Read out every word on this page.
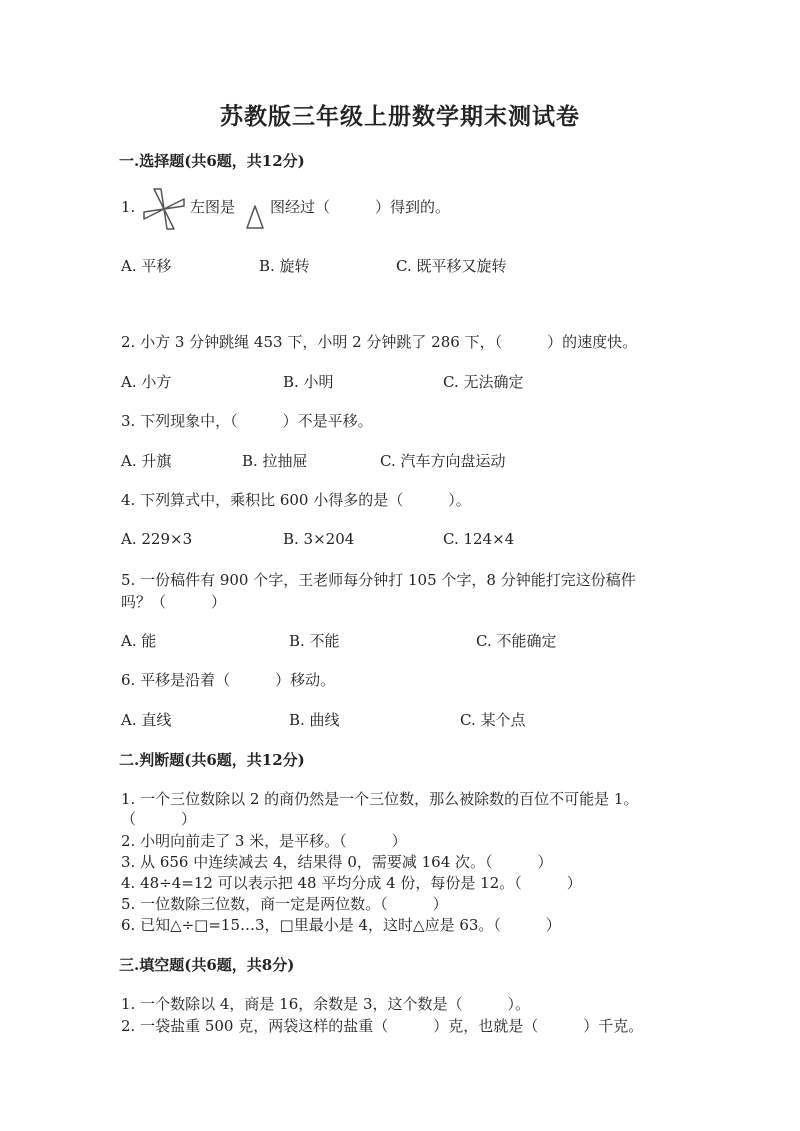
苏教版三年级上册数学期末测试卷
一.选择题(共6题，共12分)
1.	左图是 图经过（　　　）得到的。
A. 平移	B. 旋转	C. 既平移又旋转
2. 小方 3 分钟跳绳 453 下，小明 2 分钟跳了 286 下，（　　　）的速度快。
A. 小方	B. 小明	C. 无法确定
3. 下列现象中，（　　　）不是平移。
A. 升旗	B. 拉抽屉	C. 汽车方向盘运动
4. 下列算式中，乘积比 600 小得多的是（　　　）。
A. 229×3	B. 3×204	C. 124×4
5. 一份稿件有 900 个字，王老师每分钟打 105 个字，8 分钟能打完这份稿件
吗？（　　　）
A. 能	B. 不能	C. 不能确定
6. 平移是沿着（　　　）移动。
A. 直线	B. 曲线	C. 某个点
二.判断题(共6题，共12分)
1. 一个三位数除以 2 的商仍然是一个三位数，那么被除数的百位不可能是 1。
（　　　）
2. 小明向前走了 3 米，是平移。（　　　）
3. 从 656 中连续减去 4，结果得 0，需要减 164 次。（　　　）
4. 48÷4=12 可以表示把 48 平均分成 4 份，每份是 12。（　　　）
5. 一位数除三位数，商一定是两位数。（　　　）
6. 已知△÷□=15…3，□里最小是 4，这时△应是 63。（　　　）
三.填空题(共6题，共8分)
1. 一个数除以 4，商是 16，余数是 3，这个数是（　　　）。
2. 一袋盐重 500 克，两袋这样的盐重（　　　）克，也就是（　　　）千克。
